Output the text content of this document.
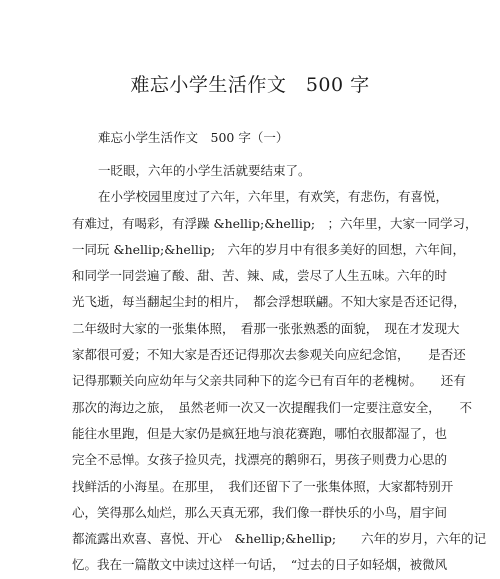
难忘小学生活作文　500 字
难忘小学生活作文　500 字（一）
一眨眼，六年的小学生活就要结束了。
在小学校园里度过了六年，六年里，有欢笑，有悲伤，有喜悦，
有难过，有喝彩，有浮躁 &hellip;&hellip;　；六年里，大家一同学习，
一同玩 &hellip;&hellip;　六年的岁月中有很多美好的回想，六年间，
和同学一同尝遍了酸、甜、苦、辣、咸，尝尽了人生五味。六年的时
光飞逝，每当翻起尘封的相片，　都会浮想联翩。不知大家是否还记得，
二年级时大家的一张集体照，　看那一张张熟悉的面貌，　现在才发现大
家都很可爱；不知大家是否还记得那次去参观关向应纪念馆，　　是否还
记得那颗关向应幼年与父亲共同种下的迄今已有百年的老槐树。　　还有
那次的海边之旅，　虽然老师一次又一次提醒我们一定要注意安全，　　不
能往水里跑，但是大家仍是疯狂地与浪花赛跑，哪怕衣服都湿了，也
完全不忌惮。女孩子捡贝壳，找漂亮的鹅卵石，男孩子则费力心思的
找鲜活的小海星。在那里，　我们还留下了一张集体照，大家都特别开
心，笑得那么灿烂，那么天真无邪，我们像一群快乐的小鸟，眉宇间
都流露出欢喜、喜悦、开心　&hellip;&hellip;　　六年的岁月，六年的记
忆。我在一篇散文中读过这样一句话，　“过去的日子如轻烟，被微风
